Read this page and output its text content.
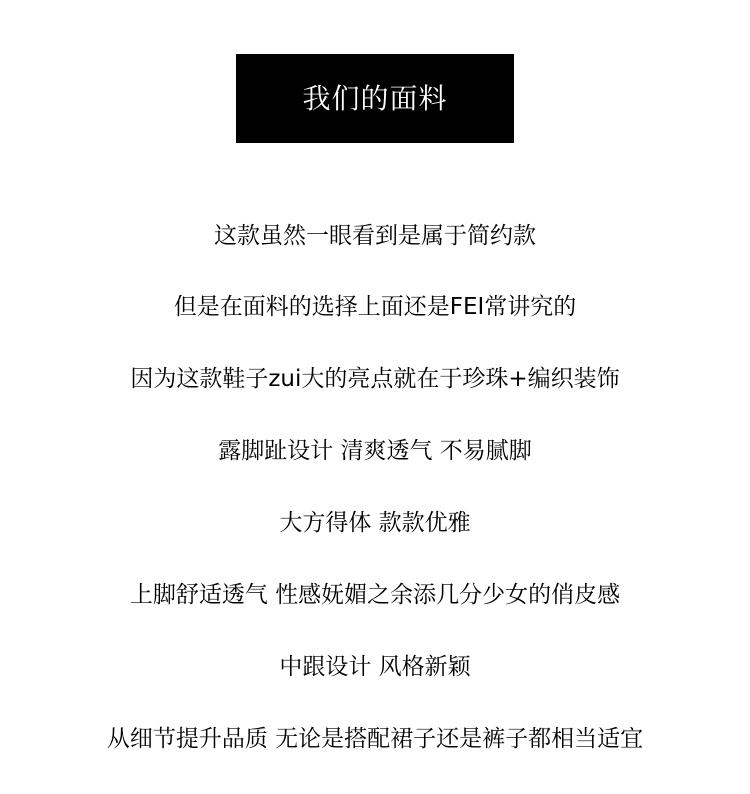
我们的面料
这款虽然一眼看到是属于简约款
但是在面料的选择上面还是FEI常讲究的
因为这款鞋子zui大的亮点就在于珍珠+编织装饰
露脚趾设计 清爽透气 不易腻脚
大方得体 款款优雅
上脚舒适透气 性感妩媚之余添几分少女的俏皮感
中跟设计 风格新颖
从细节提升品质 无论是搭配裙子还是裤子都相当适宜
